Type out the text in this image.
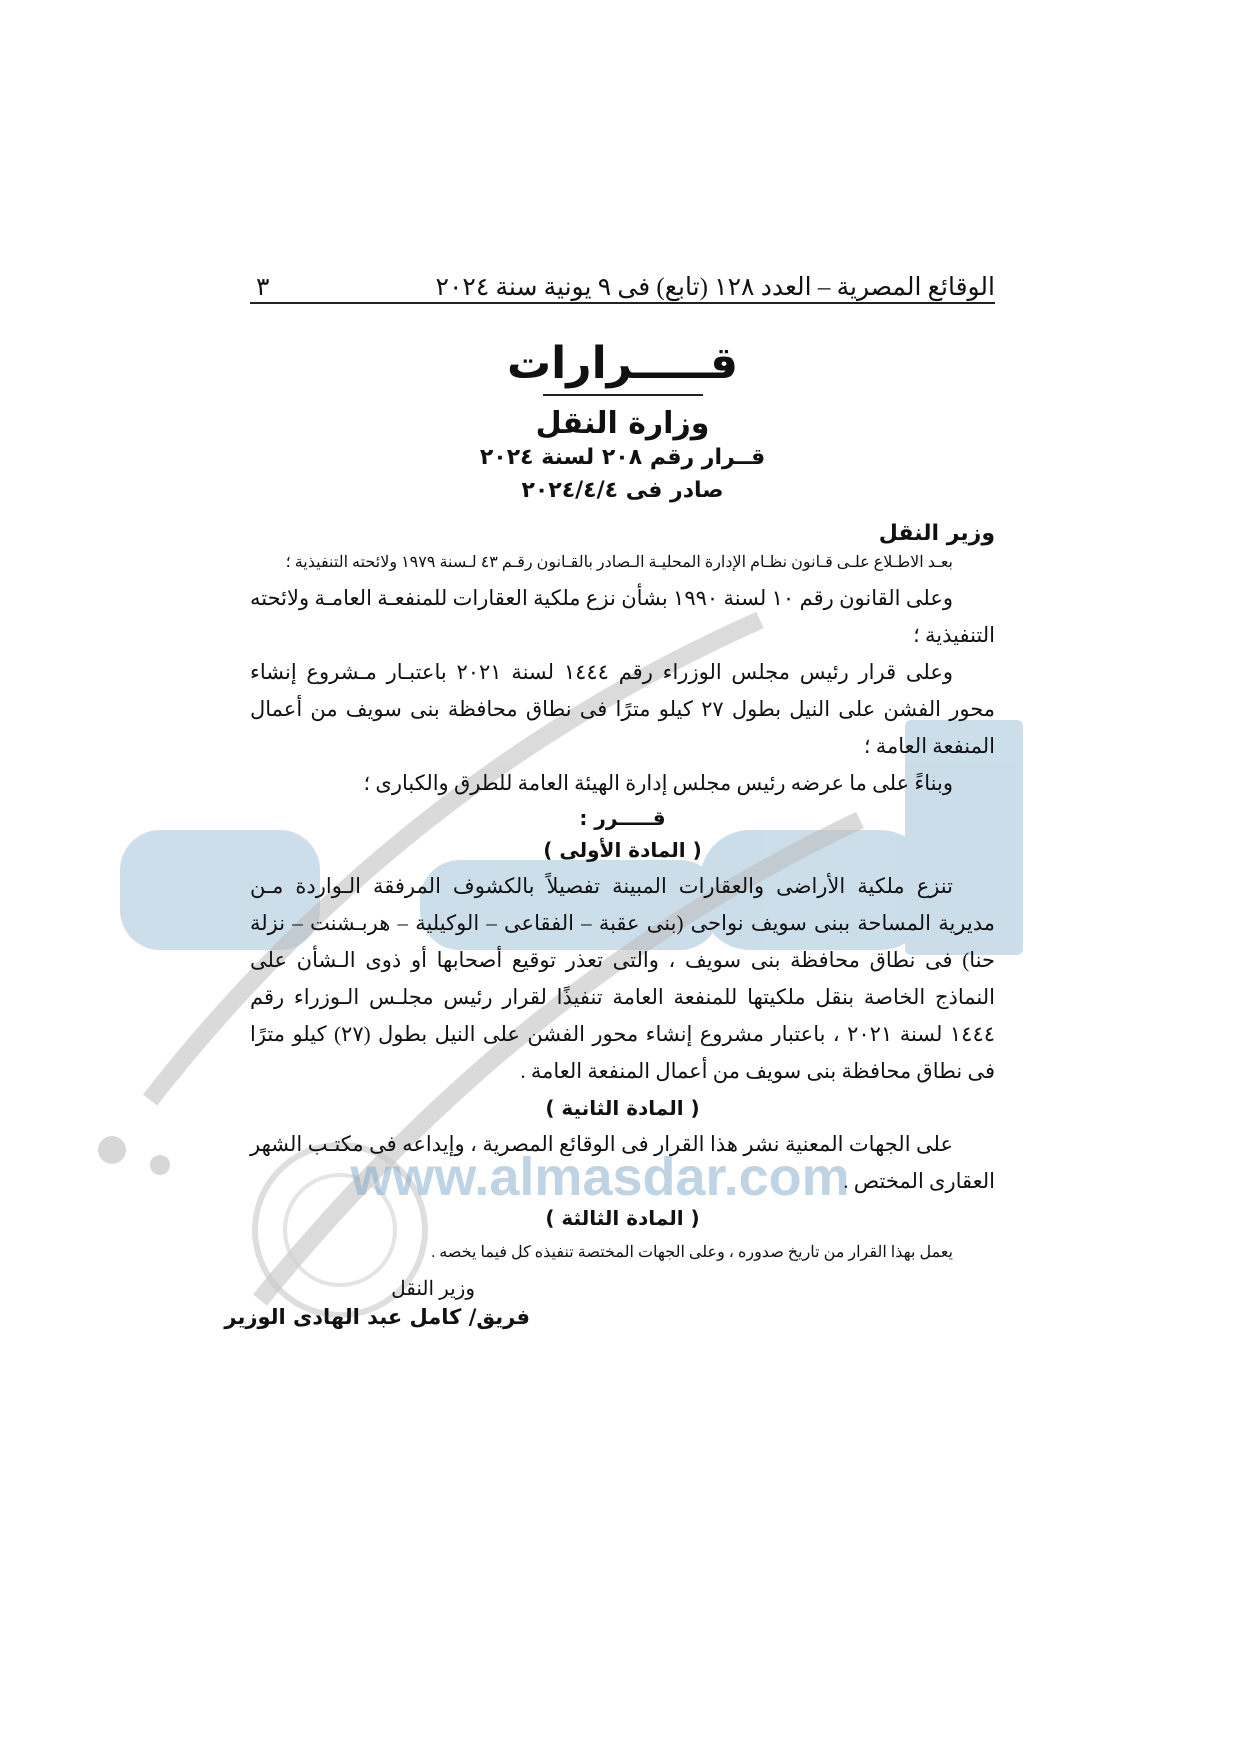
www.almasdar.com
الوقائع المصرية – العدد ١٢٨ (تابع) فى ٩ يونية سنة ٢٠٢٤
٣
قـــــرارات
وزارة النقل
قــرار رقم ٢٠٨ لسنة ٢٠٢٤
صادر فى ٢٠٢٤/٤/٤
وزير النقل

بعـد الاطـلاع علـى قـانون نظـام الإدارة المحليـة الـصادر بالقـانون رقـم ٤٣ لـسنة ١٩٧٩ ولائحته التنفيذية ؛

وعلى القانون رقم ١٠ لسنة ١٩٩٠ بشأن نزع ملكية العقارات للمنفعـة العامـة ولائحته التنفيذية ؛

وعلى قرار رئيس مجلس الوزراء رقم ١٤٤٤ لسنة ٢٠٢١ باعتبـار مـشروع إنشاء محور الفشن على النيل بطول ٢٧ كيلو مترًا فى نطاق محافظة بنى سويف من أعمال المنفعة العامة ؛

وبناءً على ما عرضه رئيس مجلس إدارة الهيئة العامة للطرق والكبارى ؛

قـــــرر :
( المادة الأولى )

تنزع ملكية الأراضى والعقارات المبينة تفصيلاً بالكشوف المرفقة الـواردة مـن مديرية المساحة ببنى سويف نواحى (بنى عقبة – الفقاعى – الوكيلية – هربـشنت – نزلة حنا) فى نطاق محافظة بنى سويف ، والتى تعذر توقيع أصحابها أو ذوى الـشأن على النماذج الخاصة بنقل ملكيتها للمنفعة العامة تنفيذًا لقرار رئيس مجلـس الـوزراء رقم ١٤٤٤ لسنة ٢٠٢١ ، باعتبار مشروع إنشاء محور الفشن على النيل بطول (٢٧) كيلو مترًا فى نطاق محافظة بنى سويف من أعمال المنفعة العامة .

( المادة الثانية )

على الجهات المعنية نشر هذا القرار فى الوقائع المصرية ، وإيداعه فى مكتـب الشهر العقارى المختص .

( المادة الثالثة )

يعمل بهذا القرار من تاريخ صدوره ، وعلى الجهات المختصة تنفيذه كل فيما يخصه .

وزير النقل
فريق/ كامل عبد الهادى الوزير
